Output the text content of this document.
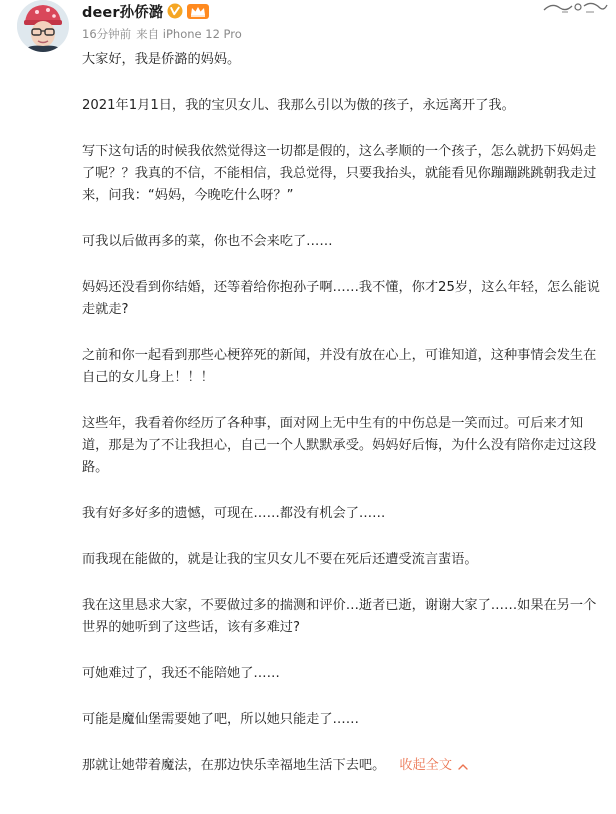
deer孙侨潞
16分钟前 来自 iPhone 12 Pro

大家好，我是侨潞的妈妈。

2021年1月1日，我的宝贝女儿、我那么引以为傲的孩子，永远离开了我。

写下这句话的时候我依然觉得这一切都是假的，这么孝顺的一个孩子，怎么就扔下妈妈走了呢？？我真的不信，不能相信，我总觉得，只要我抬头，就能看见你蹦蹦跳跳朝我走过来，问我：“妈妈，今晚吃什么呀？”

可我以后做再多的菜，你也不会来吃了……

妈妈还没看到你结婚，还等着给你抱孙子啊……我不懂，你才25岁，这么年轻，怎么能说走就走?

之前和你一起看到那些心梗猝死的新闻，并没有放在心上，可谁知道，这种事情会发生在自己的女儿身上！！！

这些年，我看着你经历了各种事，面对网上无中生有的中伤总是一笑而过。可后来才知道，那是为了不让我担心，自己一个人默默承受。妈妈好后悔，为什么没有陪你走过这段路。

我有好多好多的遗憾，可现在……都没有机会了……

而我现在能做的，就是让我的宝贝女儿不要在死后还遭受流言蜚语。

我在这里恳求大家，不要做过多的揣测和评价…逝者已逝，谢谢大家了……如果在另一个世界的她听到了这些话，该有多难过?

可她难过了，我还不能陪她了……

可能是魔仙堡需要她了吧，所以她只能走了……

那就让她带着魔法，在那边快乐幸福地生活下去吧。 收起全文
